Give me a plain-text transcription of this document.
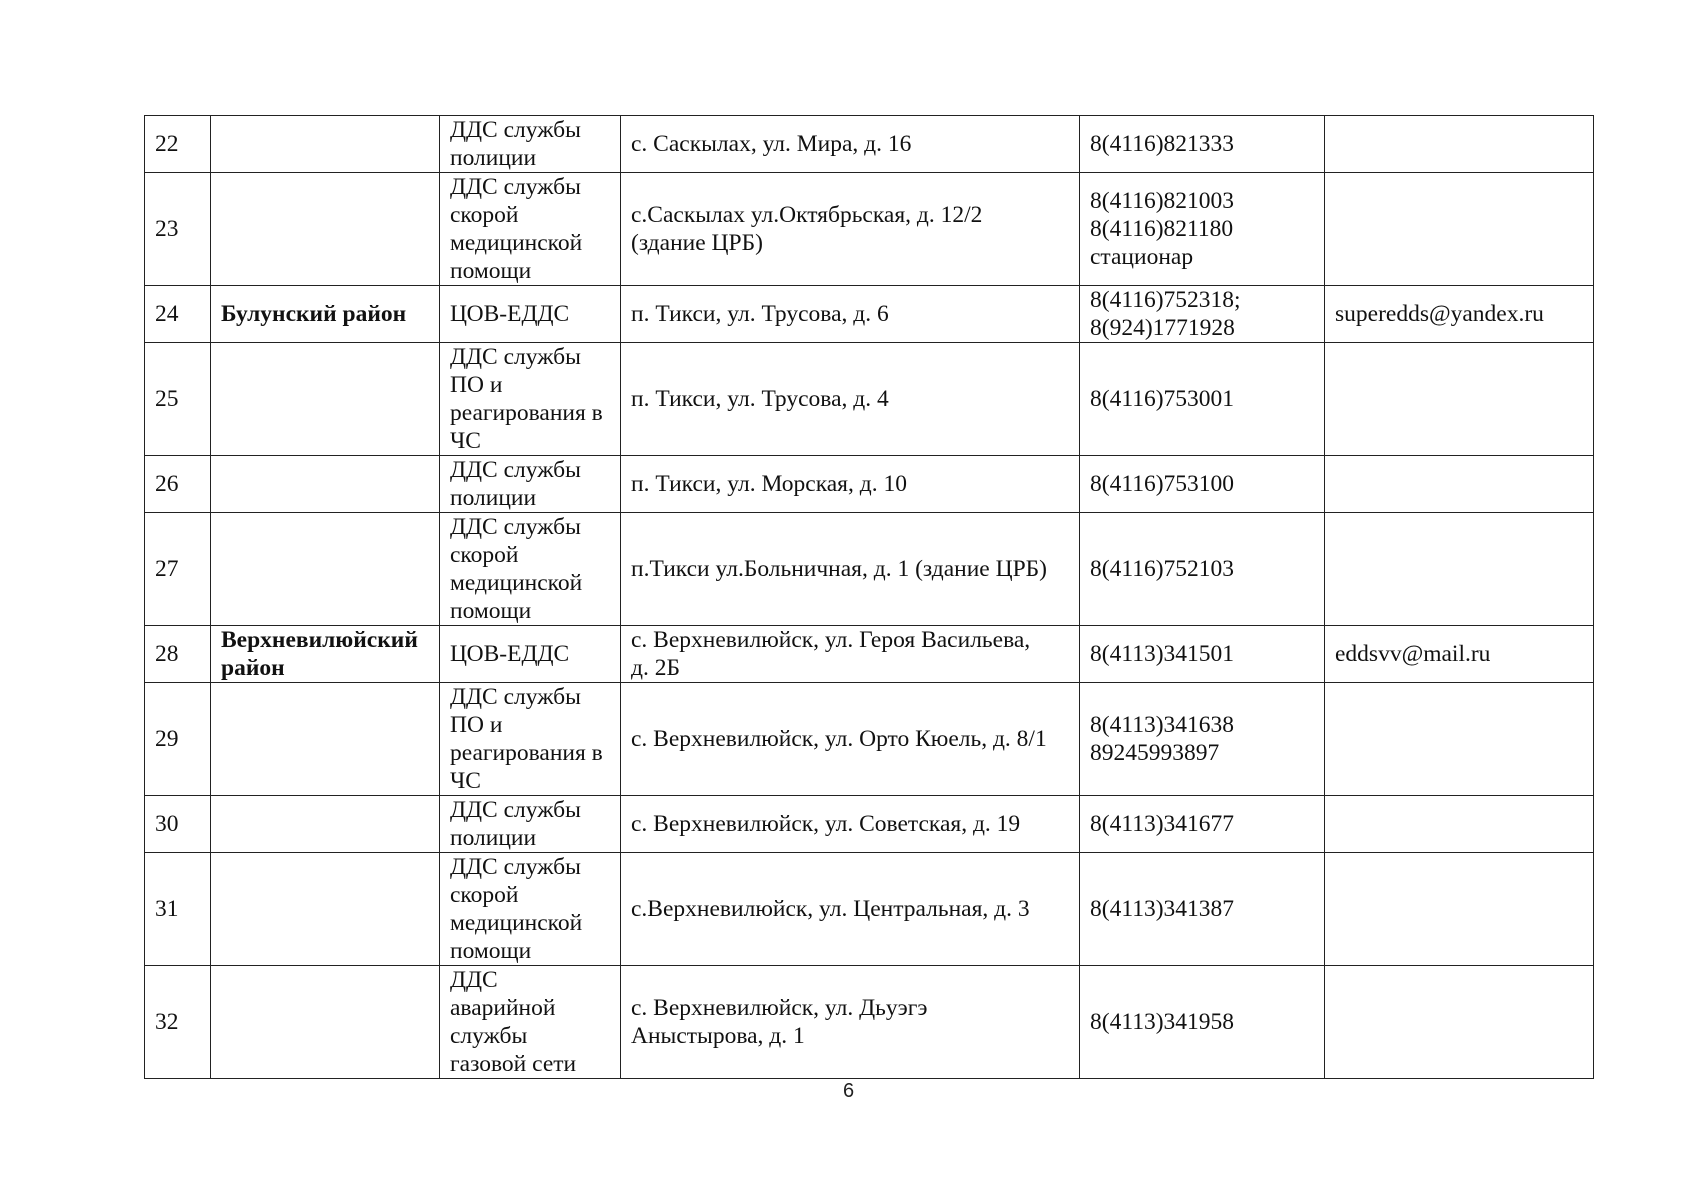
22		ДДС службы
полиции	с. Саскылах, ул. Мира, д. 16	8(4116)821333	
23		ДДС службы
скорой
медицинской
помощи	с.Саскылах ул.Октябрьская, д. 12/2
(здание ЦРБ)	8(4116)821003
8(4116)821180
стационар	
24	Булунский район	ЦОВ-ЕДДС	п. Тикси, ул. Трусова, д. 6	8(4116)752318;
8(924)1771928	superedds@yandex.ru
25		ДДС службы
ПО и
реагирования в
ЧС	п. Тикси, ул. Трусова, д. 4	8(4116)753001	
26		ДДС службы
полиции	п. Тикси, ул. Морская, д. 10	8(4116)753100	
27		ДДС службы
скорой
медицинской
помощи	п.Тикси ул.Больничная, д. 1 (здание ЦРБ)	8(4116)752103	
28	Верхневилюйский
район	ЦОВ-ЕДДС	с. Верхневилюйск, ул. Героя Васильева,
д. 2Б	8(4113)341501	eddsvv@mail.ru
29		ДДС службы
ПО и
реагирования в
ЧС	с. Верхневилюйск, ул. Орто Кюель, д. 8/1	8(4113)341638
89245993897	
30		ДДС службы
полиции	с. Верхневилюйск, ул. Советская, д. 19	8(4113)341677	
31		ДДС службы
скорой
медицинской
помощи	с.Верхневилюйск, ул. Центральная, д. 3	8(4113)341387	
32		ДДС
аварийной
службы
газовой сети	с. Верхневилюйск, ул. Дьуэгэ
Аныстырова, д. 1	8(4113)341958	
6
